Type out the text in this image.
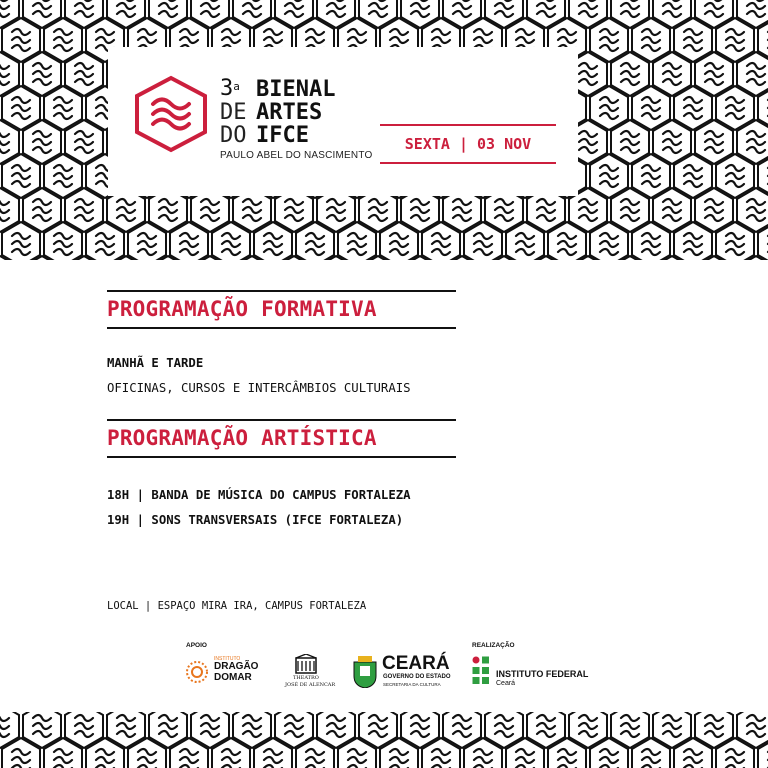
3$^a$
DE
DO
BIENAL
ARTES
IFCE
PAULO ABEL DO NASCIMENTO
SEXTA | 03 NOV
PROGRAMAÇÃO FORMATIVA
MANHÃ E TARDE
OFICINAS, CURSOS E INTERCÂMBIOS CULTURAIS
PROGRAMAÇÃO ARTÍSTICA
18H | BANDA DE MÚSICA DO CAMPUS FORTALEZA
19H | SONS TRANSVERSAIS (IFCE FORTALEZA)
LOCAL | ESPAÇO MIRA IRA, CAMPUS FORTALEZA
APOIO	REALIZAÇÃO
INSTITUTO
DRAGÃO
DOMAR	THEATRO
JOSÉ DE ALENCAR
CEARÁ
GOVERNO DO ESTADO
SECRETARIA DA CULTURA
INSTITUTO FEDERAL
Ceará
